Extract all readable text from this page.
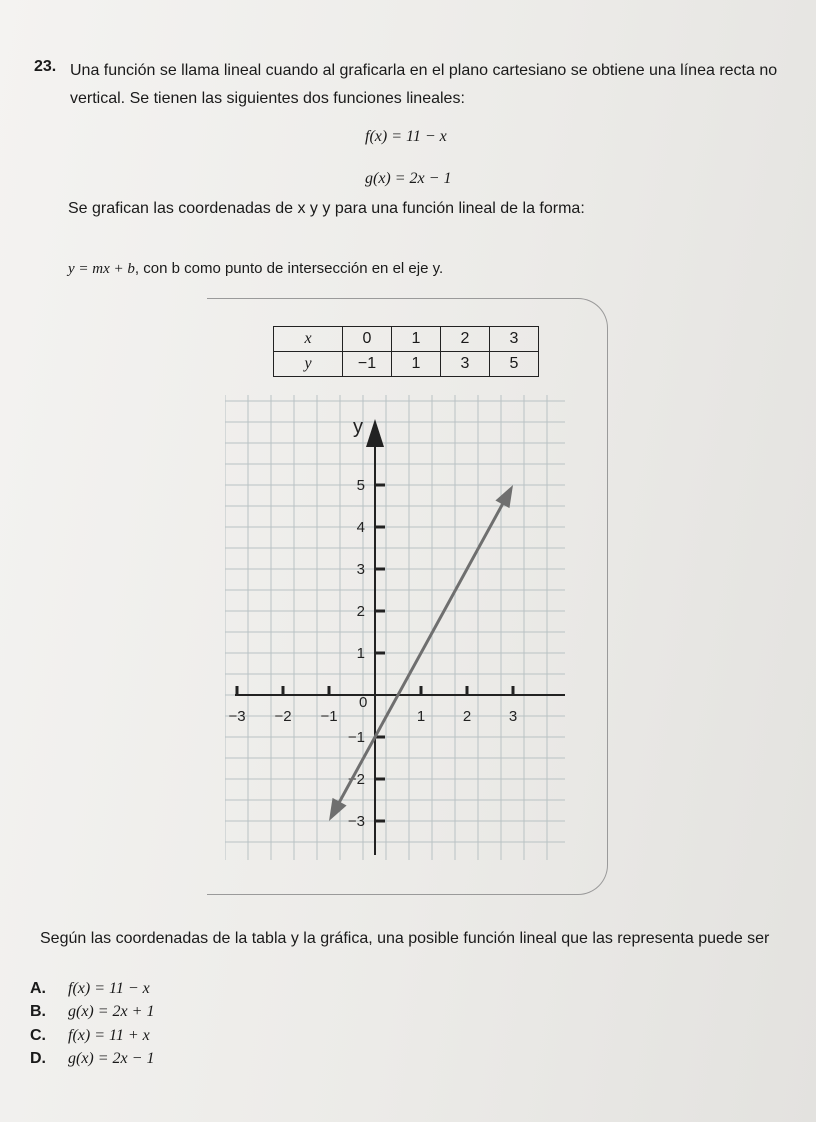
23. Una función se llama lineal cuando al graficarla en el plano cartesiano se obtiene una línea recta no vertical. Se tienen las siguientes dos funciones lineales:
f(x) = 11 − x
g(x) = 2x − 1
Se grafican las coordenadas de x y y para una función lineal de la forma:
y = mx + b, con b como punto de intersección en el eje y.
x	0	1	2	3
y	−1	1	3	5
y
−3 −2 −1	1	2	3
0
5
4
3
2
1
−1
−2
−3
Según las coordenadas de la tabla y la gráfica, una posible función lineal que las representa puede ser
A. f(x) = 11 − x
B. g(x) = 2x + 1
C. f(x) = 11 + x
D. g(x) = 2x − 1
